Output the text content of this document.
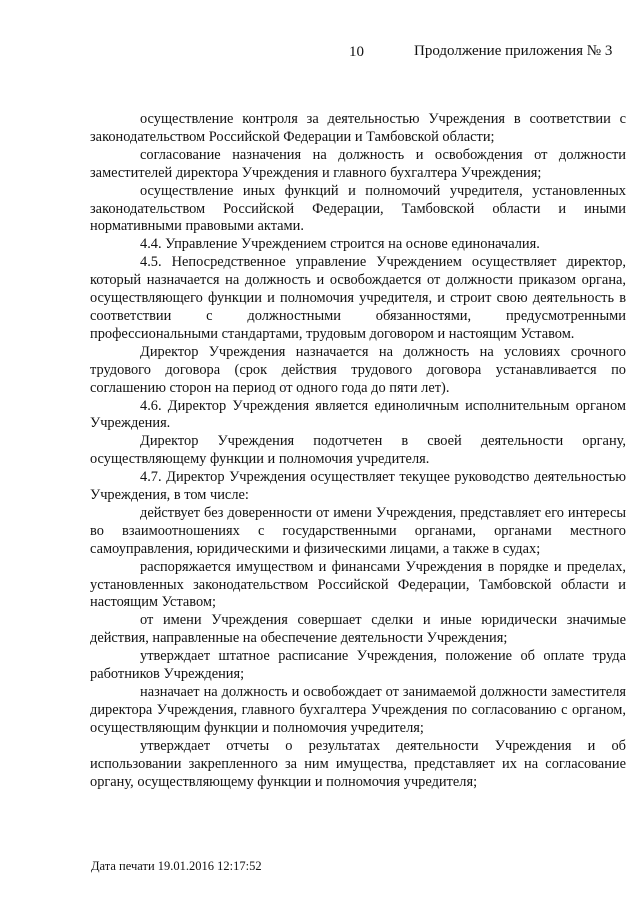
10	Продолжение приложения № 3

осуществление контроля за деятельностью Учреждения в соответствии с законодательством Российской Федерации и Тамбовской области;

согласование назначения на должность и освобождения от должности заместителей директора Учреждения и главного бухгалтера Учреждения;

осуществление иных функций и полномочий учредителя, установленных законодательством Российской Федерации, Тамбовской области и иными нормативными правовыми актами.

4.4. Управление Учреждением строится на основе единоначалия.

4.5. Непосредственное управление Учреждением осуществляет директор, который назначается на должность и освобождается от должности приказом органа, осуществляющего функции и полномочия учредителя, и строит свою деятельность в соответствии с должностными обязанностями, предусмотренными профессиональными стандартами, трудовым договором и настоящим Уставом.

Директор Учреждения назначается на должность на условиях срочного трудового договора (срок действия трудового договора устанавливается по соглашению сторон на период от одного года до пяти лет).

4.6. Директор Учреждения является единоличным исполнительным органом Учреждения.

Директор Учреждения подотчетен в своей деятельности органу, осуществляющему функции и полномочия учредителя.

4.7. Директор Учреждения осуществляет текущее руководство деятельностью Учреждения, в том числе:

действует без доверенности от имени Учреждения, представляет его интересы во взаимоотношениях с государственными органами, органами местного самоуправления, юридическими и физическими лицами, а также в судах;

распоряжается имуществом и финансами Учреждения в порядке и пределах, установленных законодательством Российской Федерации, Тамбовской области и настоящим Уставом;

от имени Учреждения совершает сделки и иные юридически значимые действия, направленные на обеспечение деятельности Учреждения;

утверждает штатное расписание Учреждения, положение об оплате труда работников Учреждения;

назначает на должность и освобождает от занимаемой должности заместителя директора Учреждения, главного бухгалтера Учреждения по согласованию с органом, осуществляющим функции и полномочия учредителя;

утверждает отчеты о результатах деятельности Учреждения и об использовании закрепленного за ним имущества, представляет их на согласование органу, осуществляющему функции и полномочия учредителя;

Дата печати 19.01.2016 12:17:52
